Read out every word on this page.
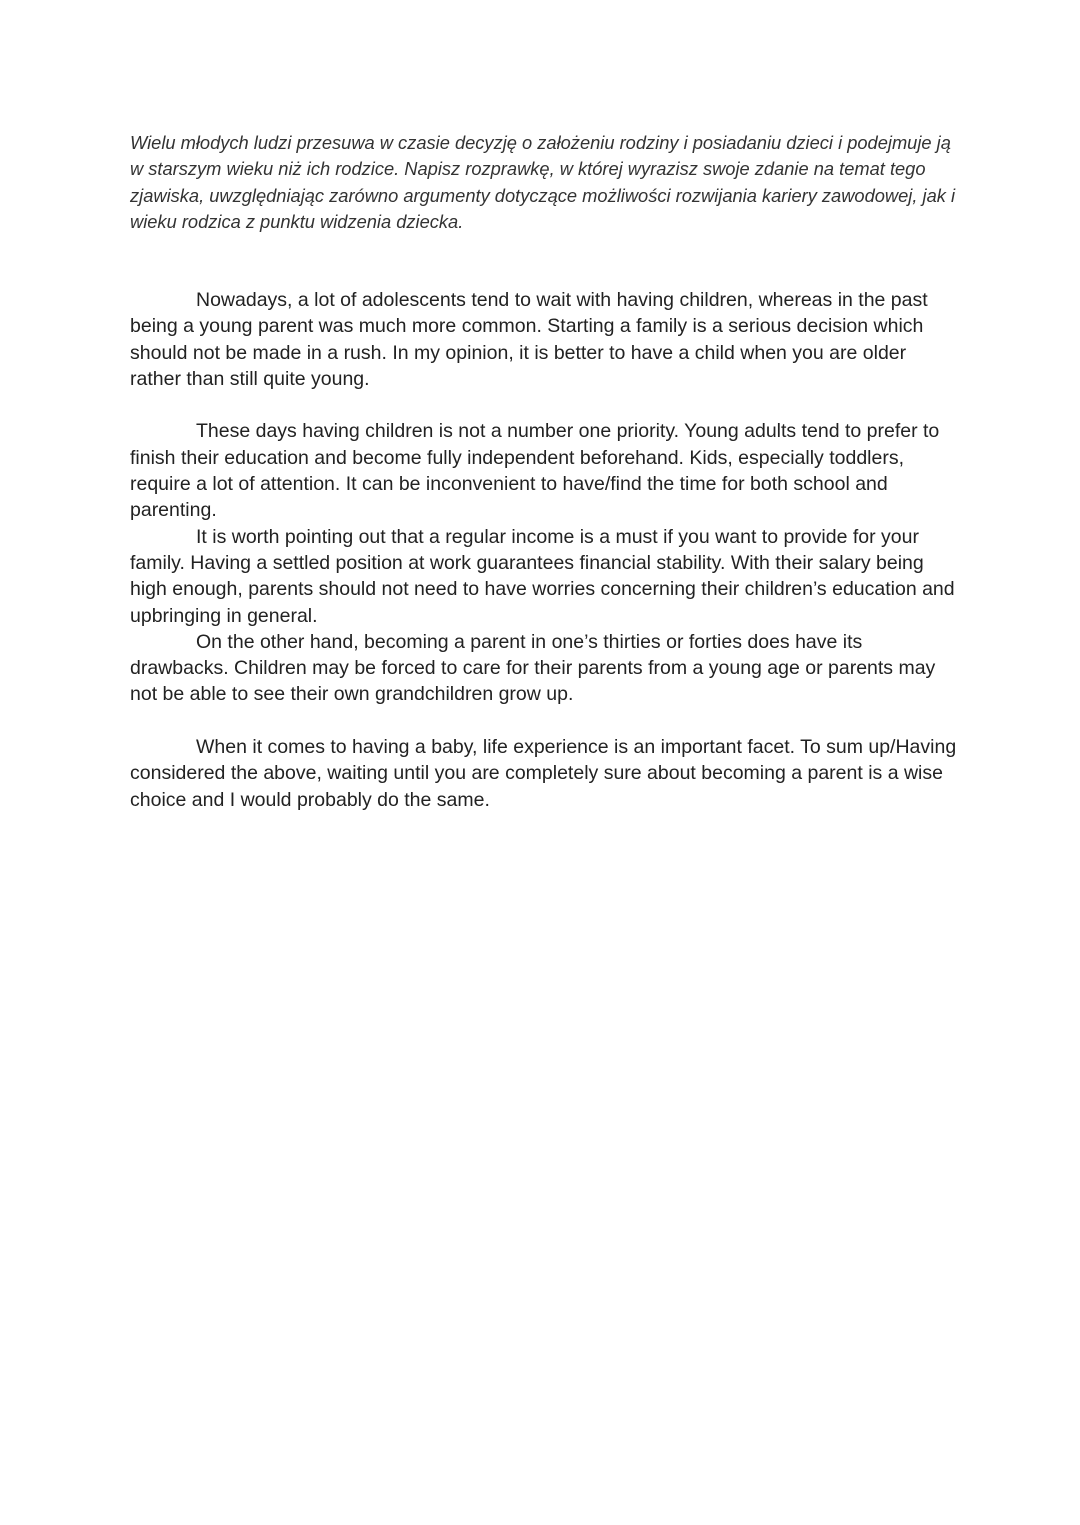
Wielu młodych ludzi przesuwa w czasie decyzję o założeniu rodziny i posiadaniu dzieci i podejmuje ją w starszym wieku niż ich rodzice. Napisz rozprawkę, w której wyrazisz swoje zdanie na temat tego zjawiska, uwzględniając zarówno argumenty dotyczące możliwości rozwijania kariery zawodowej, jak i wieku rodzica z punktu widzenia dziecka.

Nowadays, a lot of adolescents tend to wait with having children, whereas in the past being a young parent was much more common. Starting a family is a serious decision which should not be made in a rush. In my opinion, it is better to have a child when you are older rather than still quite young.

These days having children is not a number one priority. Young adults tend to prefer to finish their education and become fully independent beforehand. Kids, especially toddlers, require a lot of attention. It can be inconvenient to have/find the time for both school and parenting.

It is worth pointing out that a regular income is a must if you want to provide for your family. Having a settled position at work guarantees financial stability. With their salary being high enough, parents should not need to have worries concerning their children’s education and upbringing in general.

On the other hand, becoming a parent in one’s thirties or forties does have its drawbacks. Children may be forced to care for their parents from a young age or parents may not be able to see their own grandchildren grow up.

When it comes to having a baby, life experience is an important facet. To sum up/Having considered the above, waiting until you are completely sure about becoming a parent is a wise choice and I would probably do the same.
